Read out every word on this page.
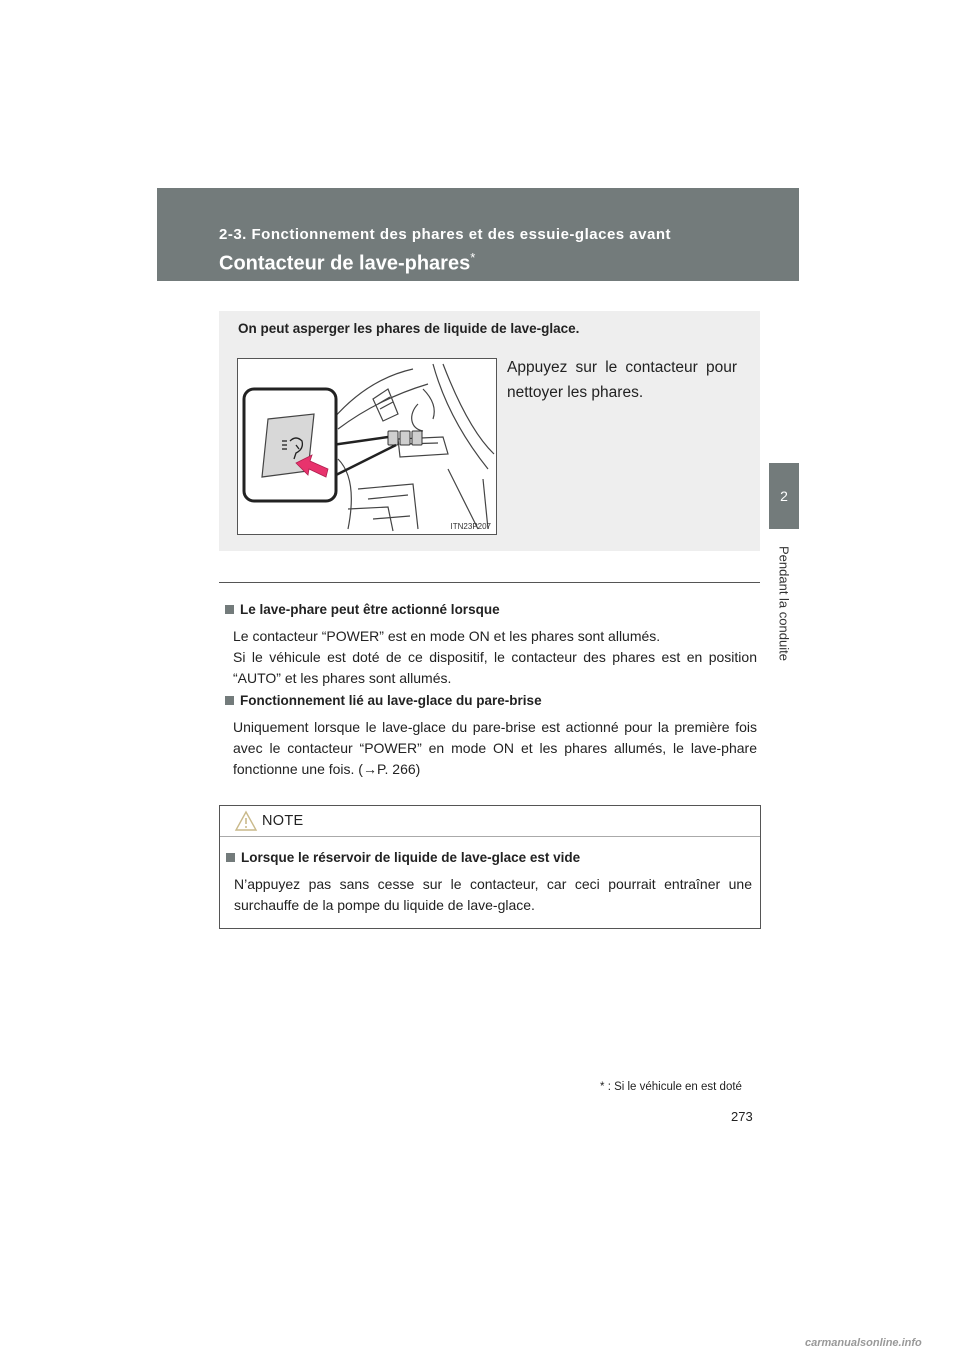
2-3. Fonctionnement des phares et des essuie-glaces avant
Contacteur de lave-phares*
2
Pendant la conduite
On peut asperger les phares de liquide de lave-glace.
ITN23P207
Appuyez sur le contacteur pour nettoyer les phares.
Le lave-phare peut être actionné lorsque
Le contacteur “POWER” est en mode ON et les phares sont allumés.
Si le véhicule est doté de ce dispositif, le contacteur des phares est en position “AUTO” et les phares sont allumés.
Fonctionnement lié au lave-glace du pare-brise
Uniquement lorsque le lave-glace du pare-brise est actionné pour la première fois avec le contacteur “POWER” en mode ON et les phares allumés, le lave-phare fonctionne une fois. (→P. 266)
NOTE
Lorsque le réservoir de liquide de lave-glace est vide
N’appuyez pas sans cesse sur le contacteur, car ceci pourrait entraîner une surchauffe de la pompe du liquide de lave-glace.
* : Si le véhicule en est doté
273
carmanualsonline.info
